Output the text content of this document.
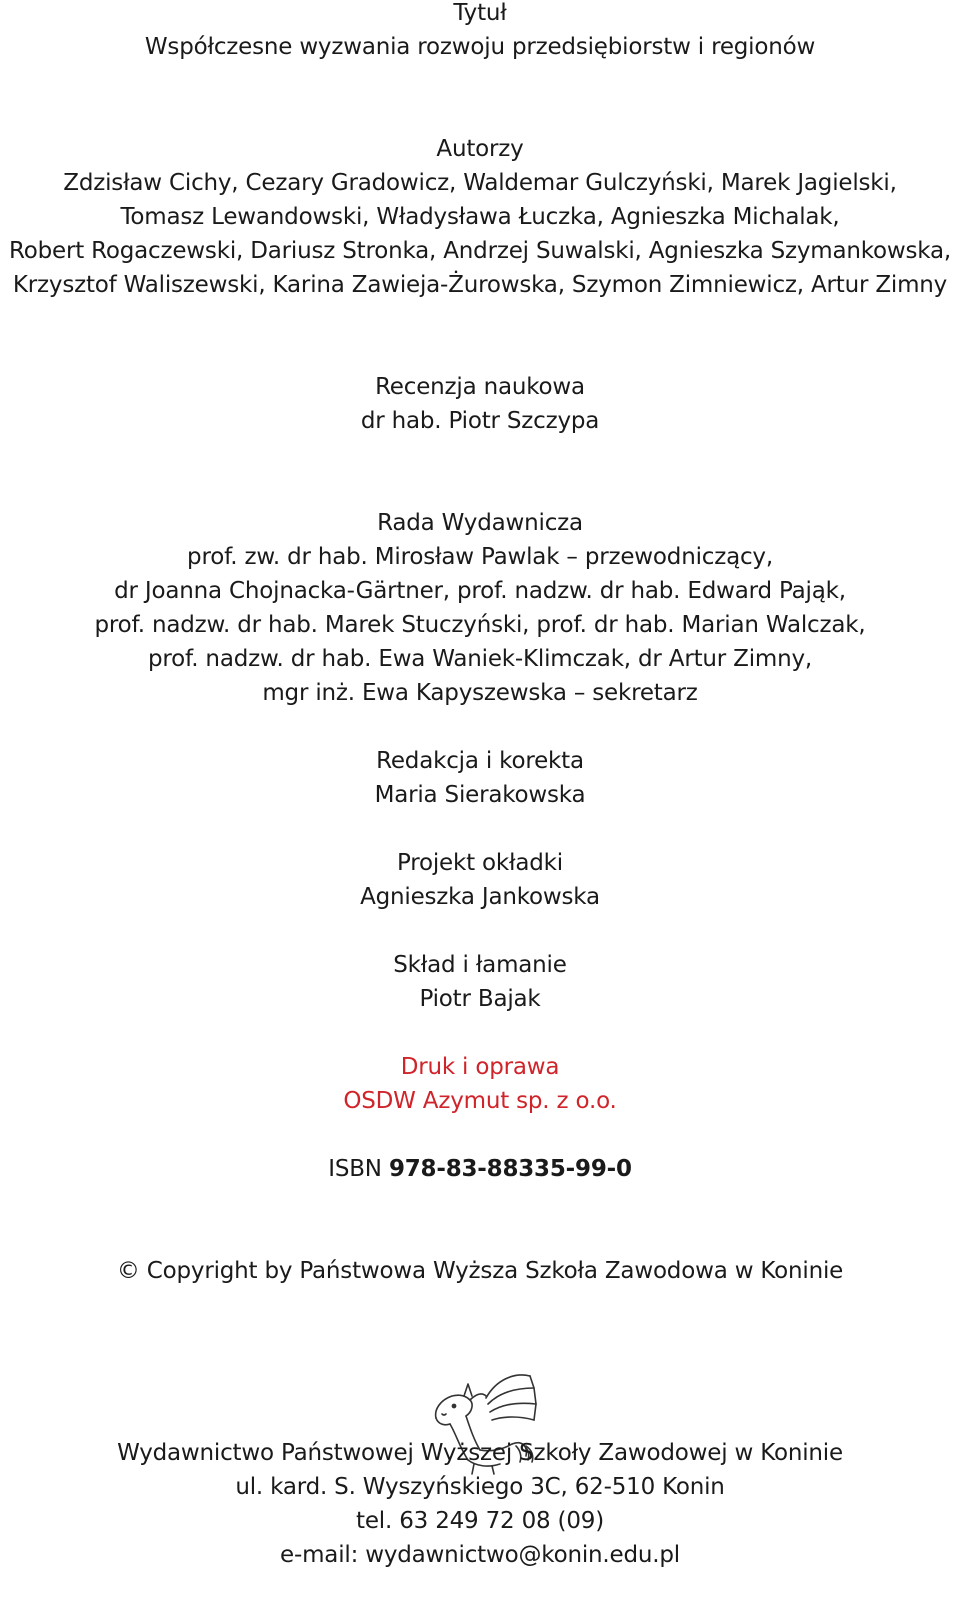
Tytuł
Współczesne wyzwania rozwoju przedsiębiorstw i regionów
Autorzy
Zdzisław Cichy, Cezary Gradowicz, Waldemar Gulczyński, Marek Jagielski,
Tomasz Lewandowski, Władysława Łuczka, Agnieszka Michalak,
Robert Rogaczewski, Dariusz Stronka, Andrzej Suwalski, Agnieszka Szymankowska,
Krzysztof Waliszewski, Karina Zawieja-Żurowska, Szymon Zimniewicz, Artur Zimny
Recenzja naukowa
dr hab. Piotr Szczypa
Rada Wydawnicza
prof. zw. dr hab. Mirosław Pawlak – przewodniczący,
dr Joanna Chojnacka-Gärtner, prof. nadzw. dr hab. Edward Pająk,
prof. nadzw. dr hab. Marek Stuczyński, prof. dr hab. Marian Walczak,
prof. nadzw. dr hab. Ewa Waniek-Klimczak, dr Artur Zimny,
mgr inż. Ewa Kapyszewska – sekretarz
Redakcja i korekta
Maria Sierakowska
Projekt okładki
Agnieszka Jankowska
Skład i łamanie
Piotr Bajak
Druk i oprawa
OSDW Azymut sp. z o.o.
ISBN 978-83-88335-99-0
© Copyright by Państwowa Wyższa Szkoła Zawodowa w Koninie
Wydawnictwo Państwowej Wyższej Szkoły Zawodowej w Koninie
ul. kard. S. Wyszyńskiego 3C, 62-510 Konin
tel. 63 249 72 08 (09)
e-mail: wydawnictwo@konin.edu.pl
